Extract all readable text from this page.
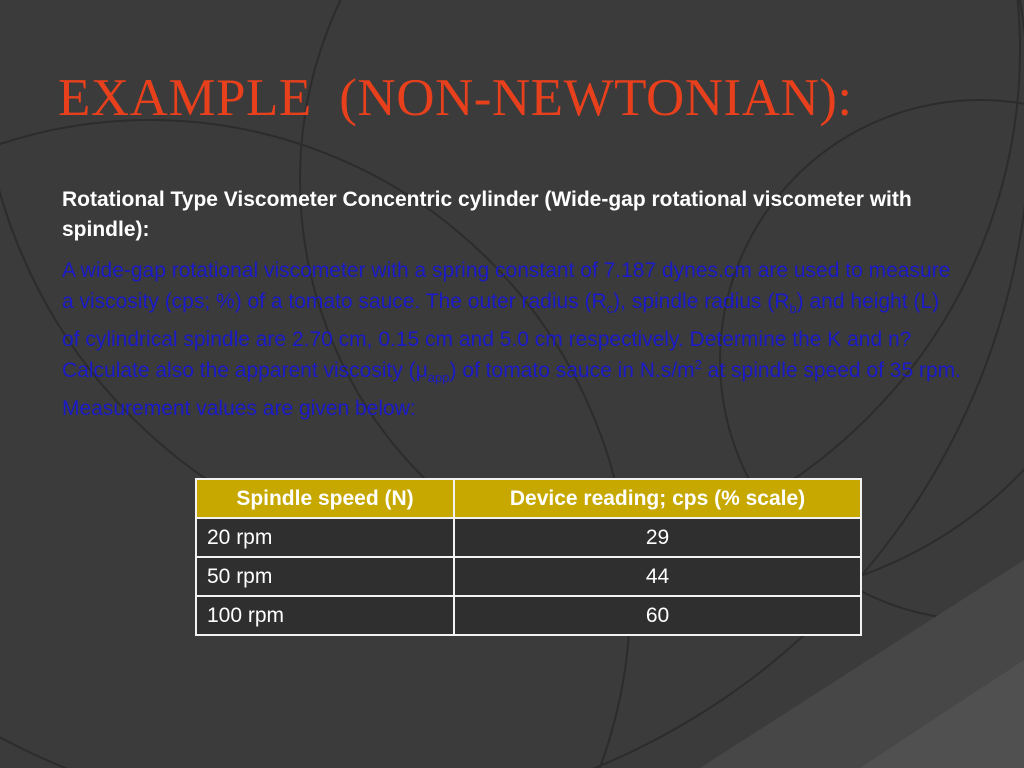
EXAMPLE  (NON-NEWTONIAN):

Rotational Type Viscometer Concentric cylinder (Wide-gap rotational viscometer with spindle):

A wide-gap rotational viscometer with a spring constant of 7.187 dynes.cm are used to measure a viscosity (cps; %) of a tomato sauce. The outer radius $(R_c)$, spindle radius $(R_b)$ and height (L) of cylindrical spindle are 2.70 cm, 0.15 cm and 5.0 cm respectively. Determine the K and n? Calculate also the apparent viscosity $(\mu_{app})$ of tomato sauce in $N.s/m^2$ at spindle speed of 35 rpm. Measurement values are given below:

Spindle speed (N)	Device reading; cps (% scale)
20 rpm	29
50 rpm	44
100 rpm	60
